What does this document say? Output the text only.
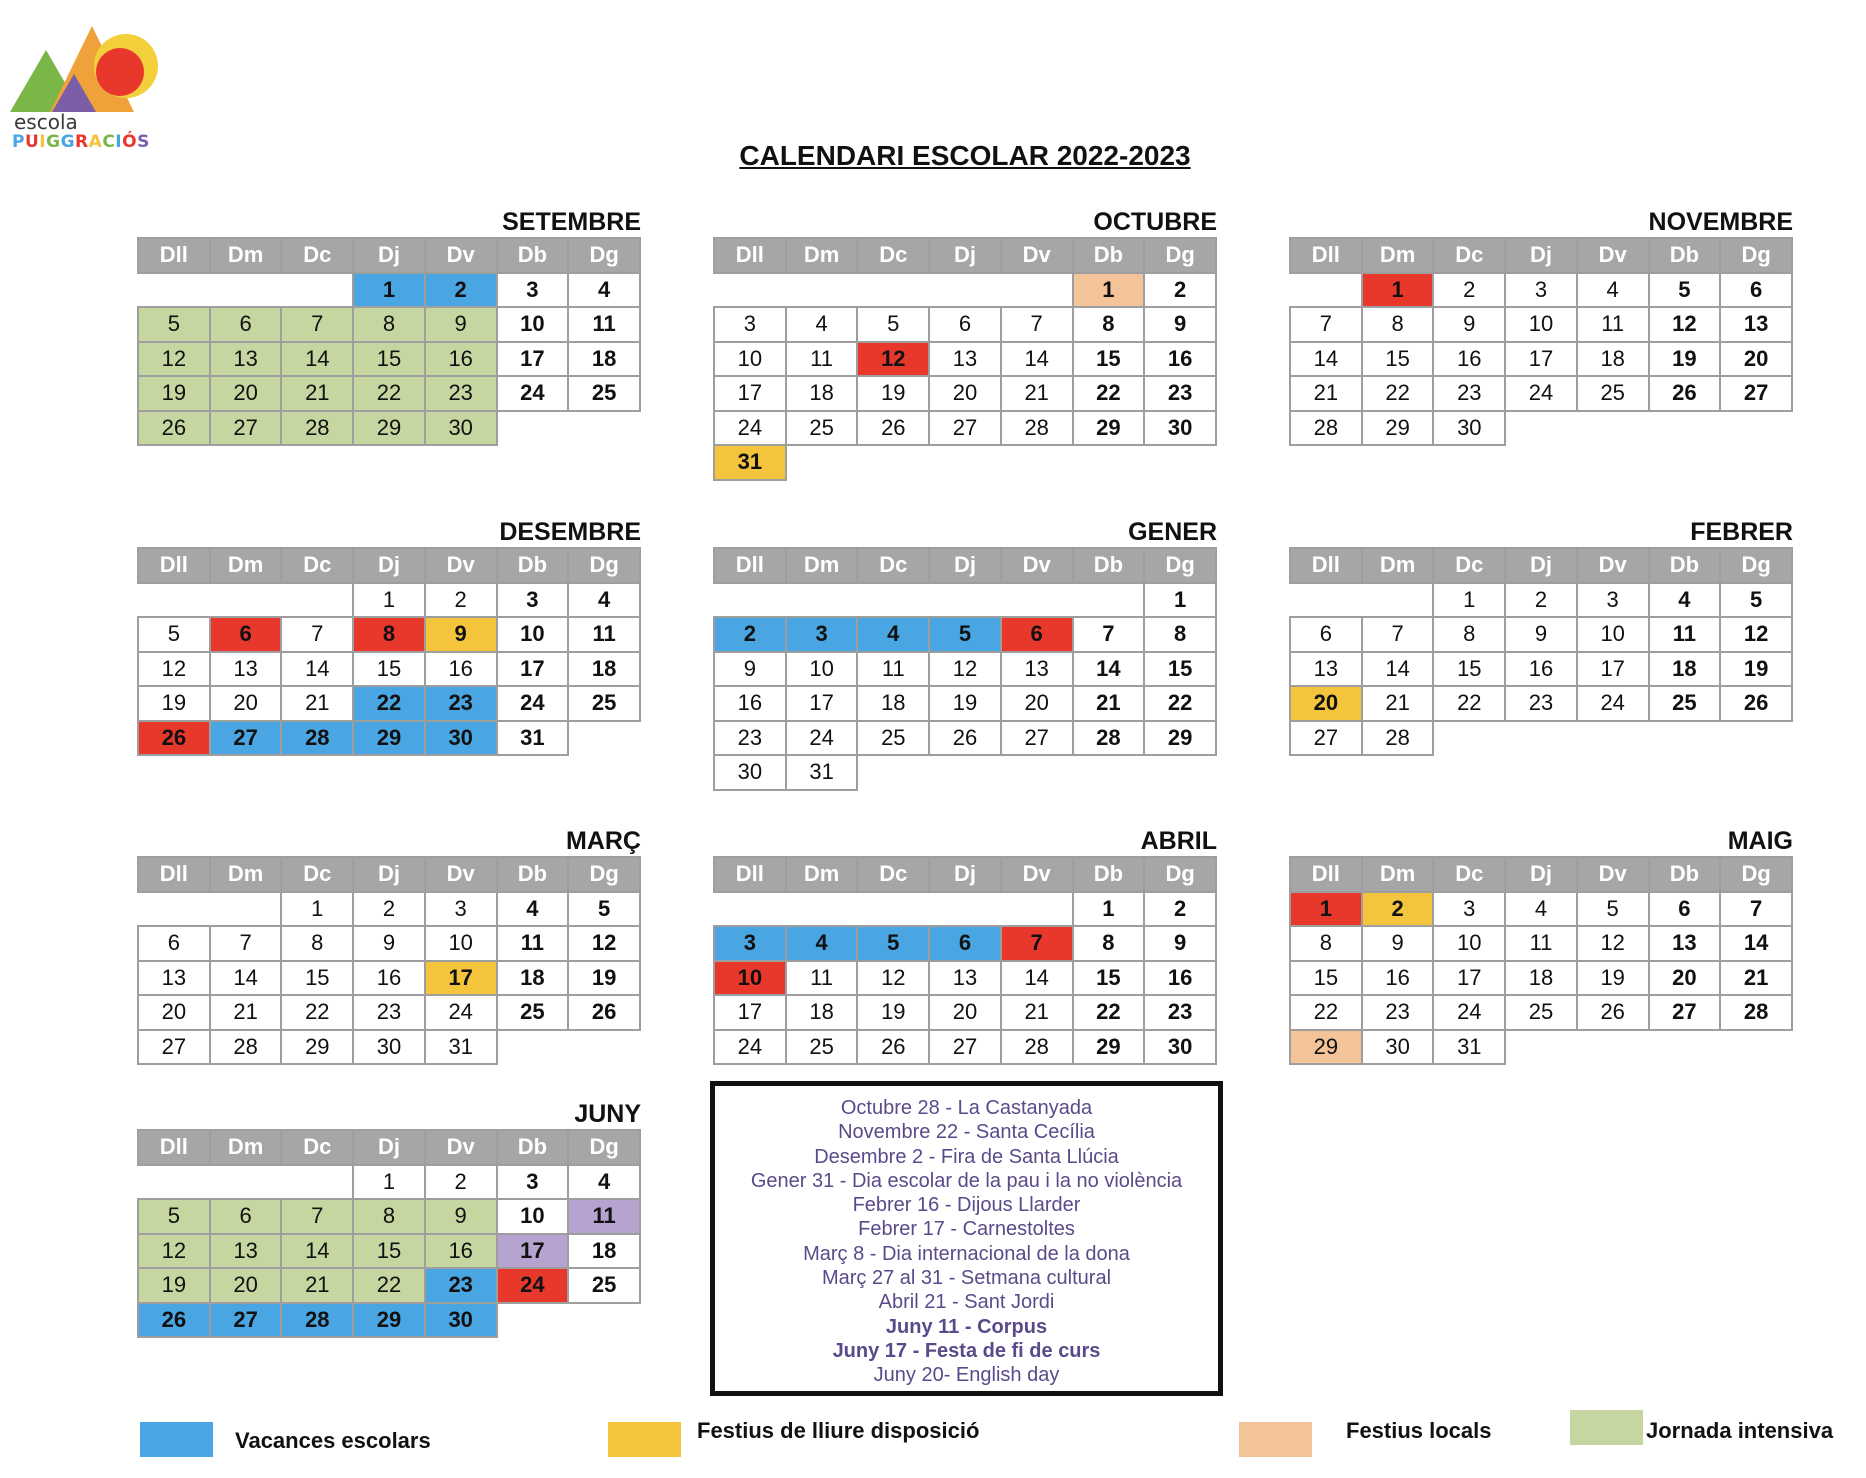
escola
PUIGGRACIÓS	CALENDARI ESCOLAR 2022-2023
SETEMBRE
Dll	Dm	Dc	Dj	Dv	Db	Dg
			1	2	3	4
5	6	7	8	9	10	11
12	13	14	15	16	17	18
19	20	21	22	23	24	25
26	27	28	29	30		
OCTUBRE
Dll	Dm	Dc	Dj	Dv	Db	Dg
					1	2
3	4	5	6	7	8	9
10	11	12	13	14	15	16
17	18	19	20	21	22	23
24	25	26	27	28	29	30
31						
NOVEMBRE
Dll	Dm	Dc	Dj	Dv	Db	Dg
	1	2	3	4	5	6
7	8	9	10	11	12	13
14	15	16	17	18	19	20
21	22	23	24	25	26	27
28	29	30				
DESEMBRE
Dll	Dm	Dc	Dj	Dv	Db	Dg
			1	2	3	4
5	6	7	8	9	10	11
12	13	14	15	16	17	18
19	20	21	22	23	24	25
26	27	28	29	30	31	
GENER
Dll	Dm	Dc	Dj	Dv	Db	Dg
						1
2	3	4	5	6	7	8
9	10	11	12	13	14	15
16	17	18	19	20	21	22
23	24	25	26	27	28	29
30	31					
FEBRER
Dll	Dm	Dc	Dj	Dv	Db	Dg
		1	2	3	4	5
6	7	8	9	10	11	12
13	14	15	16	17	18	19
20	21	22	23	24	25	26
27	28					
MARÇ
Dll	Dm	Dc	Dj	Dv	Db	Dg
		1	2	3	4	5
6	7	8	9	10	11	12
13	14	15	16	17	18	19
20	21	22	23	24	25	26
27	28	29	30	31		
ABRIL
Dll	Dm	Dc	Dj	Dv	Db	Dg
					1	2
3	4	5	6	7	8	9
10	11	12	13	14	15	16
17	18	19	20	21	22	23
24	25	26	27	28	29	30
MAIG
Dll	Dm	Dc	Dj	Dv	Db	Dg
1	2	3	4	5	6	7
8	9	10	11	12	13	14
15	16	17	18	19	20	21
22	23	24	25	26	27	28
29	30	31				
JUNY
Dll	Dm	Dc	Dj	Dv	Db	Dg
			1	2	3	4
5	6	7	8	9	10	11
12	13	14	15	16	17	18
19	20	21	22	23	24	25
26	27	28	29	30		
Octubre 28 - La Castanyada
Novembre 22 - Santa Cecília
Desembre 2 - Fira de Santa Llúcia
Gener 31 - Dia escolar de la pau i la no violència
Febrer 16 - Dijous Llarder
Febrer 17 - Carnestoltes
Març 8 - Dia internacional de la dona
Març 27 al 31 - Setmana cultural
Abril 21 - Sant Jordi
Juny 11 - Corpus
Juny 17 - Festa de fi de curs
Juny 20- English day
Vacances escolars	Festius de lliure disposició	Festius locals	Jornada intensiva
